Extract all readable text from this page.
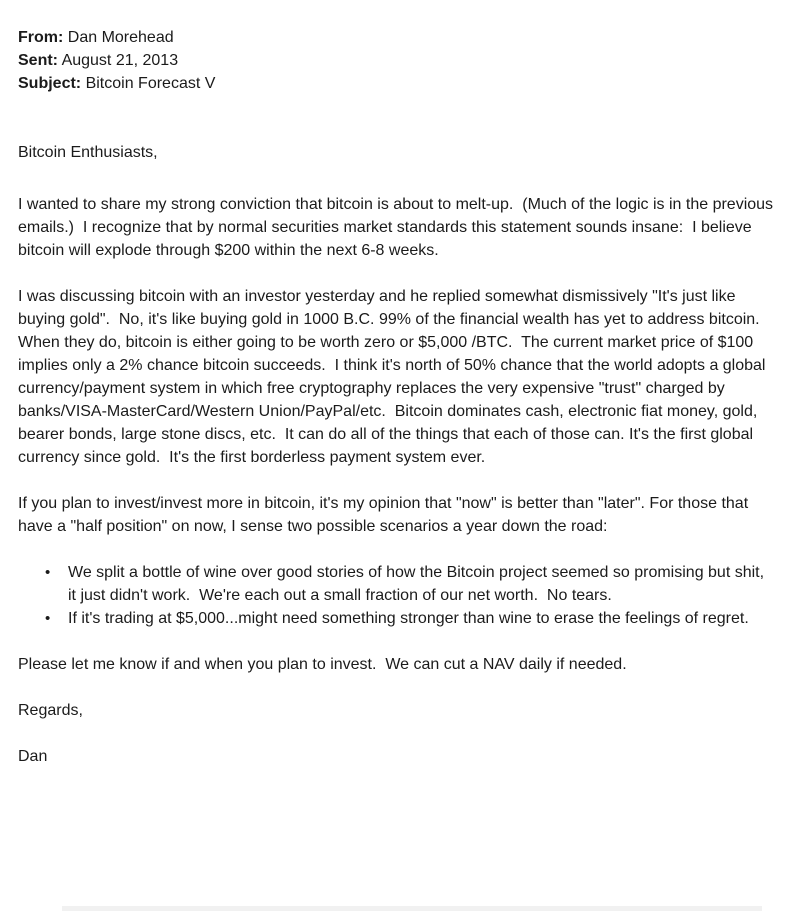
From: Dan Morehead
Sent: August 21, 2013
Subject: Bitcoin Forecast V
Bitcoin Enthusiasts,
I wanted to share my strong conviction that bitcoin is about to melt-up.  (Much of the logic is in the previous emails.)  I recognize that by normal securities market standards this statement sounds insane:  I believe bitcoin will explode through $200 within the next 6-8 weeks.
I was discussing bitcoin with an investor yesterday and he replied somewhat dismissively "It's just like buying gold".  No, it's like buying gold in 1000 B.C. 99% of the financial wealth has yet to address bitcoin. When they do, bitcoin is either going to be worth zero or $5,000 /BTC.  The current market price of $100 implies only a 2% chance bitcoin succeeds.  I think it's north of 50% chance that the world adopts a global currency/payment system in which free cryptography replaces the very expensive "trust" charged by banks/VISA-MasterCard/Western Union/PayPal/etc.  Bitcoin dominates cash, electronic fiat money, gold, bearer bonds, large stone discs, etc.  It can do all of the things that each of those can. It's the first global currency since gold.  It's the first borderless payment system ever.
If you plan to invest/invest more in bitcoin, it's my opinion that "now" is better than "later". For those that have a "half position" on now, I sense two possible scenarios a year down the road:
•	We split a bottle of wine over good stories of how the Bitcoin project seemed so promising but shit, it just didn't work.  We're each out a small fraction of our net worth.  No tears.
•	If it's trading at $5,000...might need something stronger than wine to erase the feelings of regret.
Please let me know if and when you plan to invest.  We can cut a NAV daily if needed.
Regards,
Dan
